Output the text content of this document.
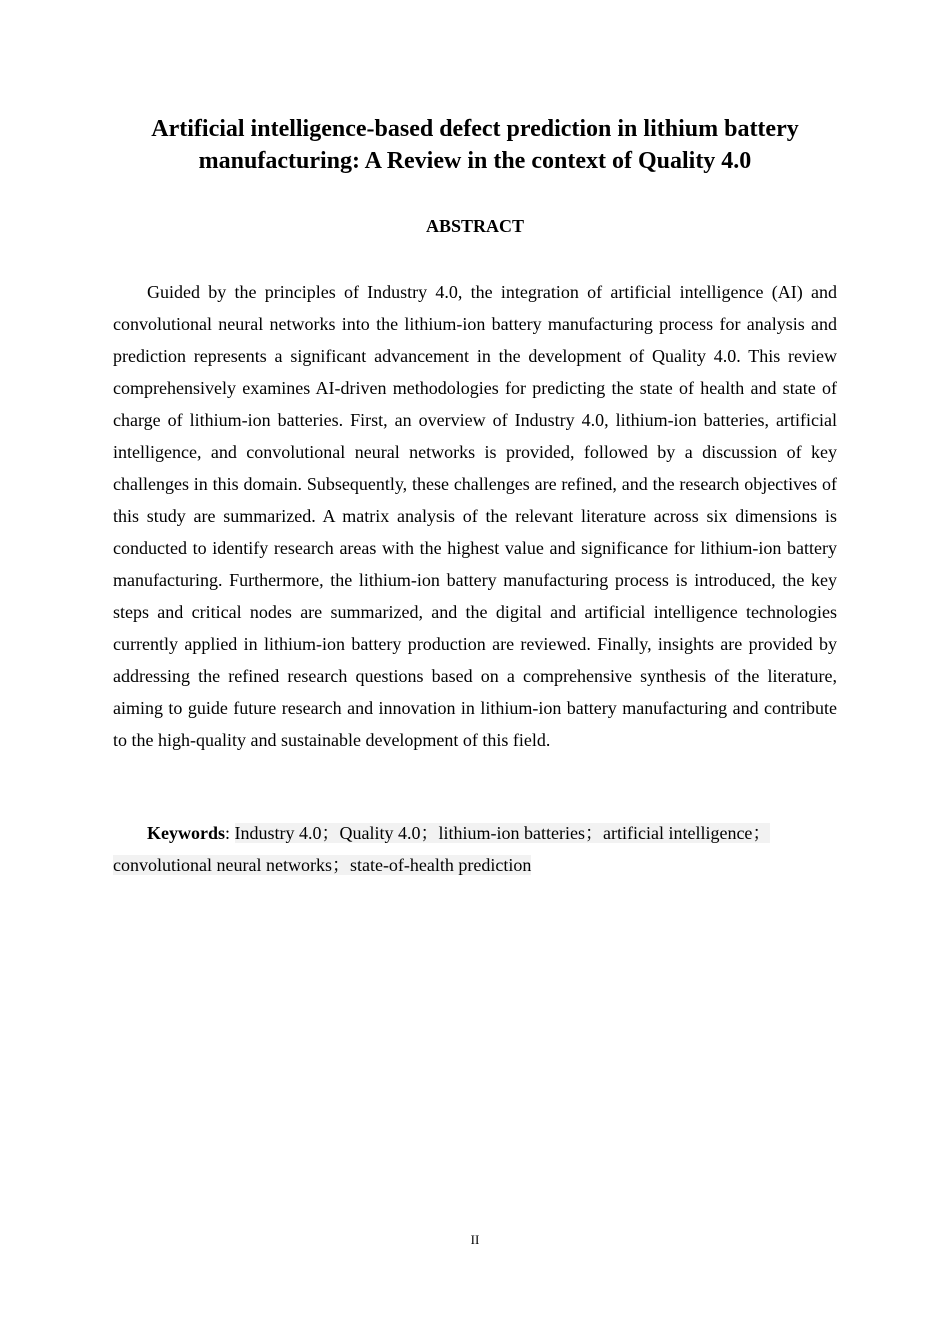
Artificial intelligence-based defect prediction in lithium battery manufacturing: A Review in the context of Quality 4.0
ABSTRACT

Guided by the principles of Industry 4.0, the integration of artificial intelligence (AI) and convolutional neural networks into the lithium-ion battery manufacturing process for analysis and prediction represents a significant advancement in the development of Quality 4.0. This review comprehensively examines AI-driven methodologies for predicting the state of health and state of charge of lithium-ion batteries. First, an overview of Industry 4.0, lithium-ion batteries, artificial intelligence, and convolutional neural networks is provided, followed by a discussion of key challenges in this domain. Subsequently, these challenges are refined, and the research objectives of this study are summarized. A matrix analysis of the relevant literature across six dimensions is conducted to identify research areas with the highest value and significance for lithium-ion battery manufacturing. Furthermore, the lithium-ion battery manufacturing process is introduced, the key steps and critical nodes are summarized, and the digital and artificial intelligence technologies currently applied in lithium-ion battery production are reviewed. Finally, insights are provided by addressing the refined research questions based on a comprehensive synthesis of the literature, aiming to guide future research and innovation in lithium-ion battery manufacturing and contribute to the high-quality and sustainable development of this field.

Keywords: Industry 4.0；Quality 4.0；lithium-ion batteries；artificial intelligence； convolutional neural networks；state-of-health prediction

II
